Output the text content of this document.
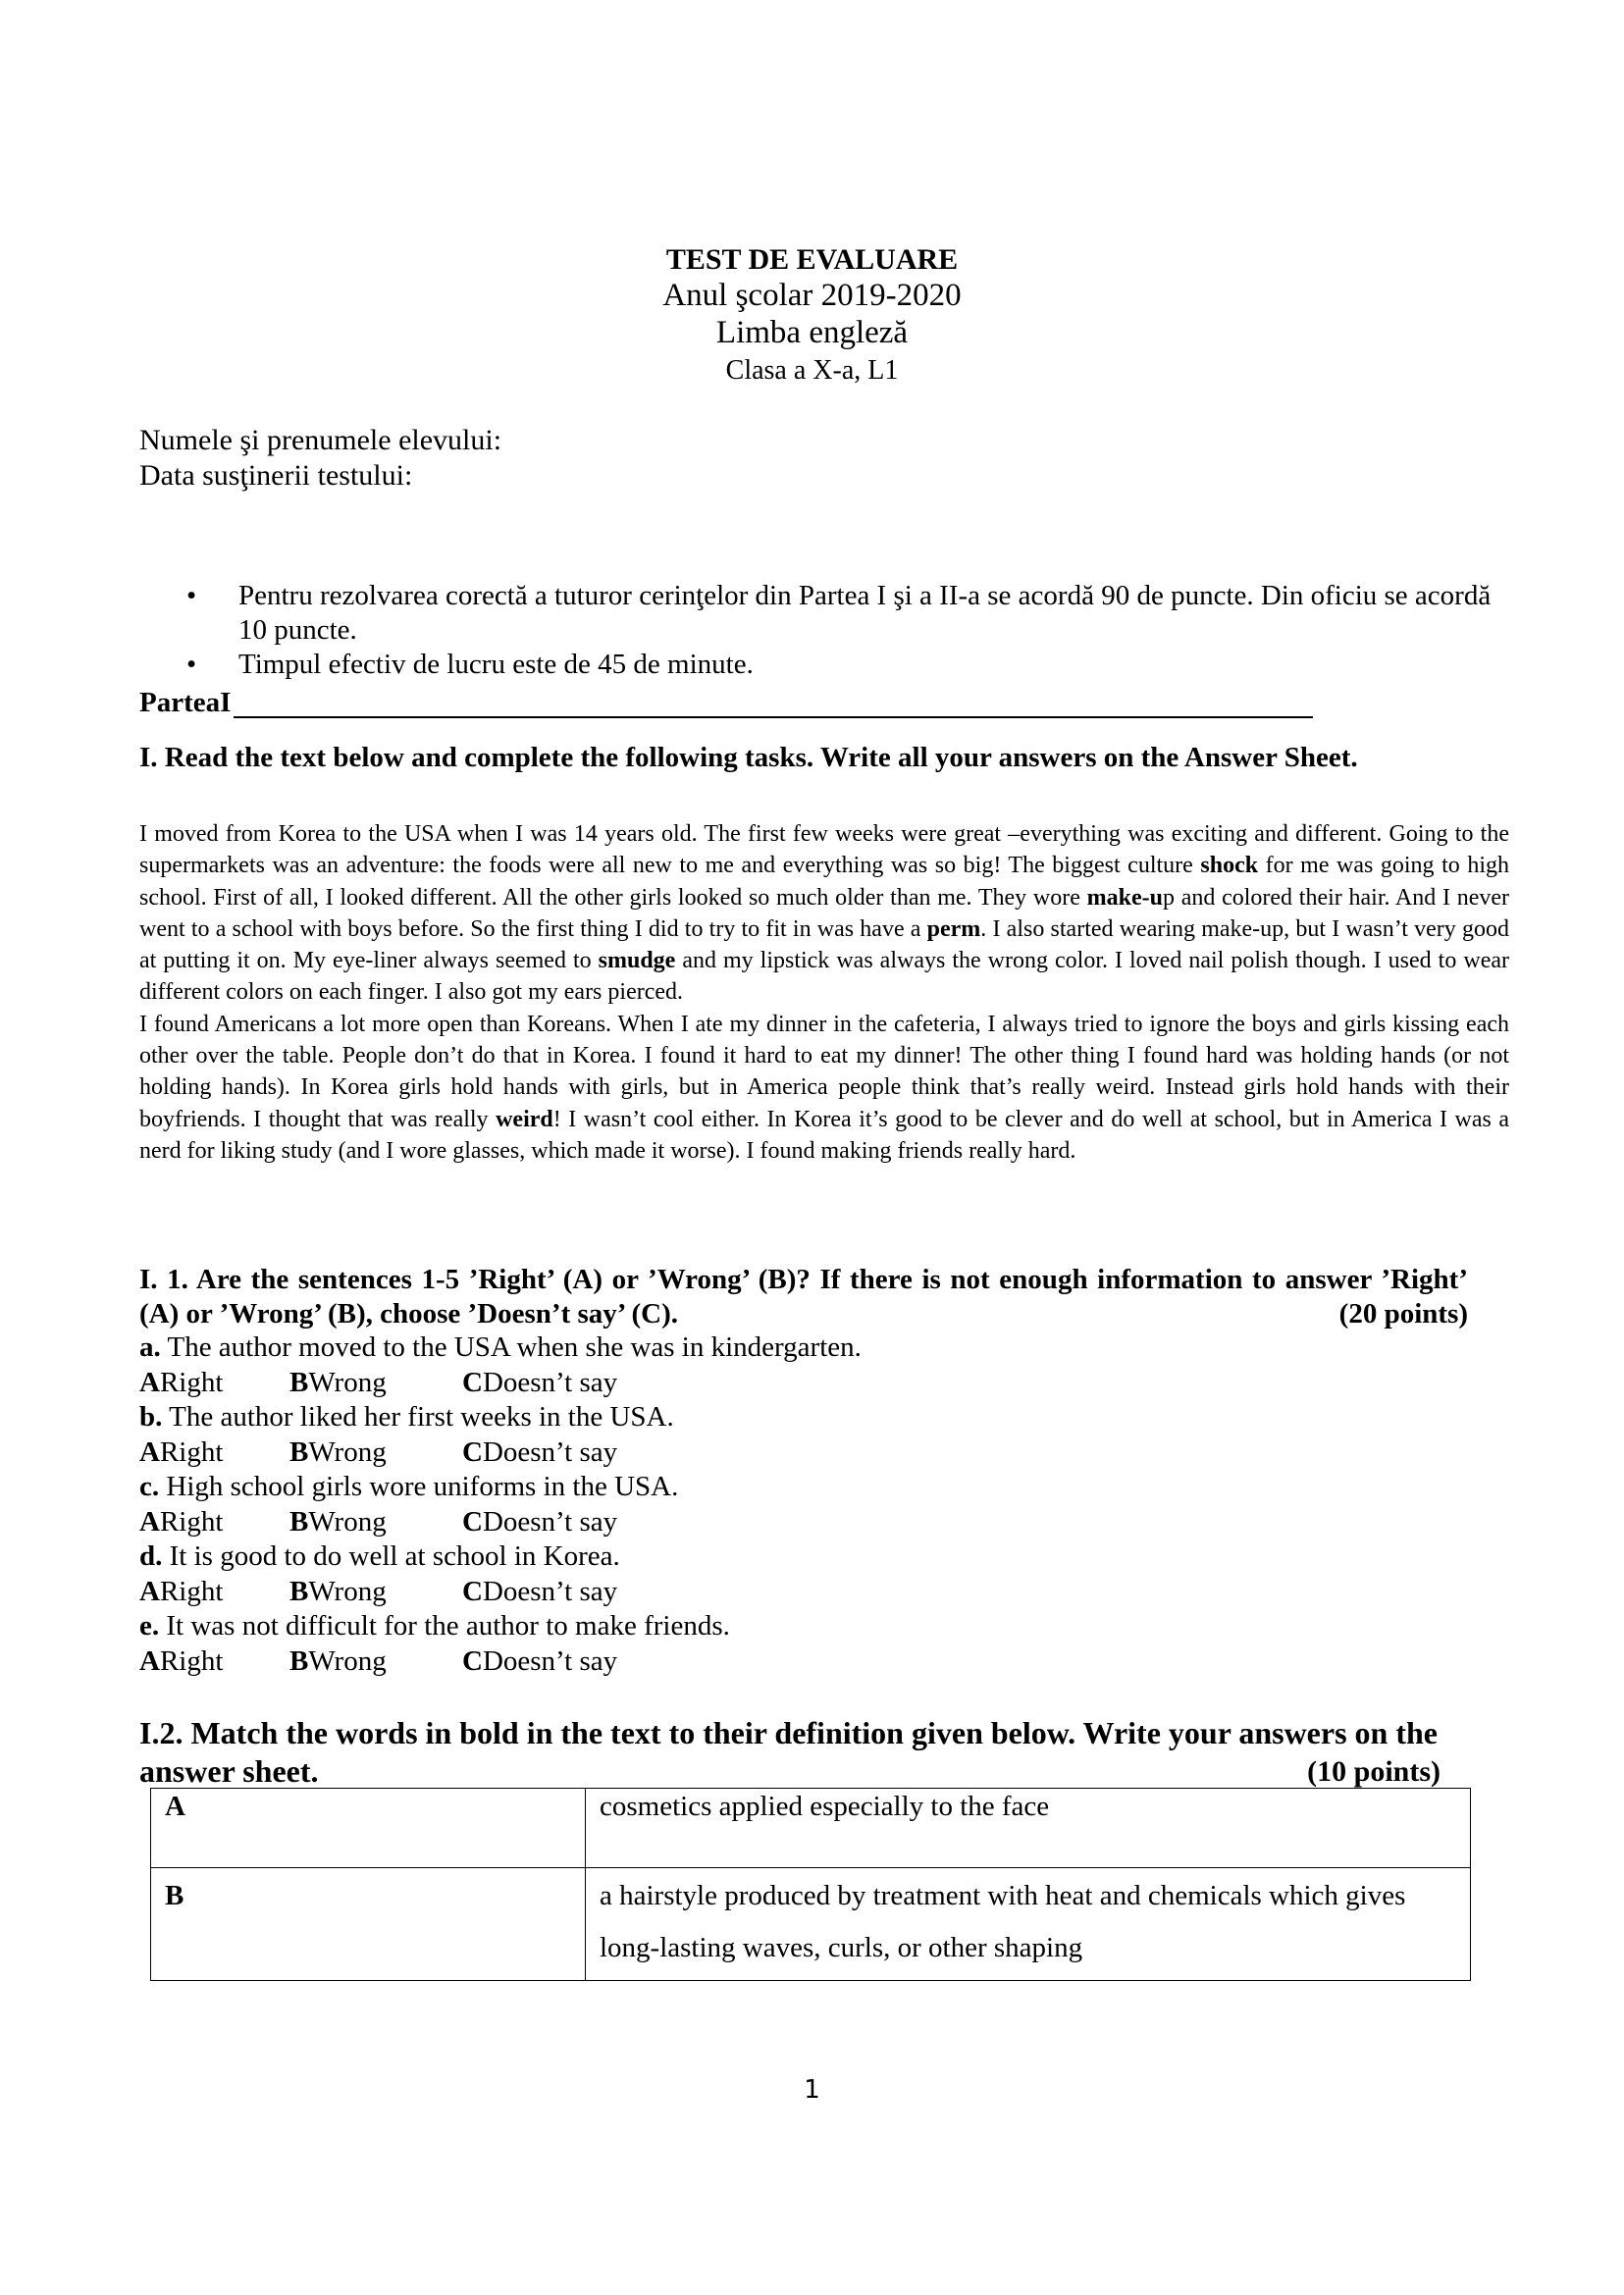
TEST DE EVALUARE
Anul şcolar 2019-2020
Limba engleză
Clasa a X-a, L1
Numele şi prenumele elevului:
Data susţinerii testului:
• Pentru rezolvarea corectă a tuturor cerinţelor din Partea I şi a II-a se acordă 90 de puncte. Din oficiu se acordă 10 puncte.
• Timpul efectiv de lucru este de 45 de minute.
ParteaI
I. Read the text below and complete the following tasks. Write all your answers on the Answer Sheet.

I moved from Korea to the USA when I was 14 years old. The first few weeks were great –everything was exciting and different. Going to the supermarkets was an adventure: the foods were all new to me and everything was so big! The biggest culture shock for me was going to high school. First of all, I looked different. All the other girls looked so much older than me. They wore make-up and colored their hair. And I never went to a school with boys before. So the first thing I did to try to fit in was have a perm. I also started wearing make-up, but I wasn’t very good at putting it on. My eye-liner always seemed to smudge and my lipstick was always the wrong color. I loved nail polish though. I used to wear different colors on each finger. I also got my ears pierced.

I found Americans a lot more open than Koreans. When I ate my dinner in the cafeteria, I always tried to ignore the boys and girls kissing each other over the table. People don’t do that in Korea. I found it hard to eat my dinner! The other thing I found hard was holding hands (or not holding hands). In Korea girls hold hands with girls, but in America people think that’s really weird. Instead girls hold hands with their boyfriends. I thought that was really weird! I wasn’t cool either. In Korea it’s good to be clever and do well at school, but in America I was a nerd for liking study (and I wore glasses, which made it worse). I found making friends really hard.

I. 1. Are the sentences 1-5 ’Right’ (A) or ’Wrong’ (B)? If there is not enough information to answer ’Right’ (A) or ’Wrong’ (B), choose ’Doesn’t say’ (C).	(20 points)
a. The author moved to the USA when she was in kindergarten.
ARight BWrong	CDoesn’t say
b. The author liked her first weeks in the USA.
ARight BWrong	CDoesn’t say
c. High school girls wore uniforms in the USA.
ARight BWrong	CDoesn’t say
d. It is good to do well at school in Korea.
ARight BWrong	CDoesn’t say
e. It was not difficult for the author to make friends.
ARight BWrong	CDoesn’t say
I.2. Match the words in bold in the text to their definition given below. Write your answers on the answer sheet.	(10 points)
A	cosmetics applied especially to the face
B	a hairstyle produced by treatment with heat and chemicals which gives long-lasting waves, curls, or other shaping
1
